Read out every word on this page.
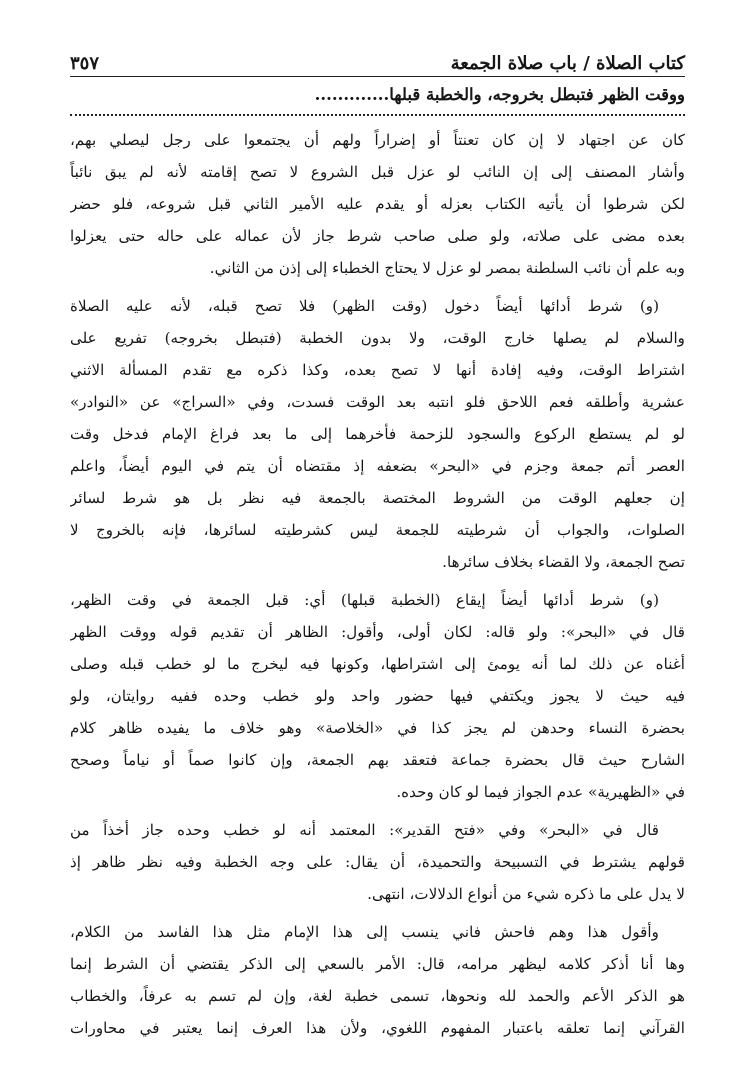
كتاب الصلاة / باب صلاة الجمعة
٣٥٧
ووقت الظهر فتبطل بخروجه، والخطبة قبلها.............
كان عن اجتهاد لا إن كان تعنتاً أو إضراراً ولهم أن يجتمعوا على رجل ليصلي بهم،
وأشار المصنف إلى إن النائب لو عزل قبل الشروع لا تصح إقامته لأنه لم يبق نائباً
لكن شرطوا أن يأتيه الكتاب بعزله أو يقدم عليه الأمير الثاني قبل شروعه، فلو حضر
بعده مضى على صلاته، ولو صلى صاحب شرط جاز لأن عماله على حاله حتى يعزلوا
وبه علم أن نائب السلطنة بمصر لو عزل لا يحتاج الخطباء إلى إذن من الثاني.
(و) شرط أدائها أيضاً دخول (وقت الظهر) فلا تصح قبله، لأنه عليه الصلاة
والسلام لم يصلها خارج الوقت، ولا بدون الخطبة (فتبطل بخروجه) تفريع على
اشتراط الوقت، وفيه إفادة أنها لا تصح بعده، وكذا ذكره مع تقدم المسألة الاثني
عشرية وأطلقه فعم اللاحق فلو انتبه بعد الوقت فسدت، وفي «السراج» عن «النوادر»
لو لم يستطع الركوع والسجود للزحمة فأخرهما إلى ما بعد فراغ الإمام فدخل وقت
العصر أتم جمعة وجزم في «البحر» بضعفه إذ مقتضاه أن يتم في اليوم أيضاً، واعلم
إن جعلهم الوقت من الشروط المختصة بالجمعة فيه نظر بل هو شرط لسائر
الصلوات، والجواب أن شرطيته للجمعة ليس كشرطيته لسائرها، فإنه بالخروج لا
تصح الجمعة، ولا القضاء بخلاف سائرها.
(و) شرط أدائها أيضاً إيقاع (الخطبة قبلها) أي: قبل الجمعة في وقت الظهر،
قال في «البحر»: ولو قاله: لكان أولى، وأقول: الظاهر أن تقديم قوله ووقت الظهر
أغناه عن ذلك لما أنه يومئ إلى اشتراطها، وكونها فيه ليخرج ما لو خطب قبله وصلى
فيه حيث لا يجوز ويكتفي فيها حضور واحد ولو خطب وحده ففيه روايتان، ولو
بحضرة النساء وحدهن لم يجز كذا في «الخلاصة» وهو خلاف ما يفيده ظاهر كلام
الشارح حيث قال بحضرة جماعة فتعقد بهم الجمعة، وإن كانوا صماً أو نياماً وصحح
في «الظهيرية» عدم الجواز فيما لو كان وحده.
قال في «البحر» وفي «فتح القدير»: المعتمد أنه لو خطب وحده جاز أخذاً من
قولهم يشترط في التسبيحة والتحميدة، أن يقال: على وجه الخطبة وفيه نظر ظاهر إذ
لا يدل على ما ذكره شيء من أنواع الدلالات، انتهى.
وأقول هذا وهم فاحش فاني ينسب إلى هذا الإمام مثل هذا الفاسد من الكلام،
وها أنا أذكر كلامه ليظهر مرامه، قال: الأمر بالسعي إلى الذكر يقتضي أن الشرط إنما
هو الذكر الأعم والحمد لله ونحوها، تسمى خطبة لغة، وإن لم تسم به عرفاً، والخطاب
القرآني إنما تعلقه باعتبار المفهوم اللغوي، ولأن هذا العرف إنما يعتبر في محاورات
